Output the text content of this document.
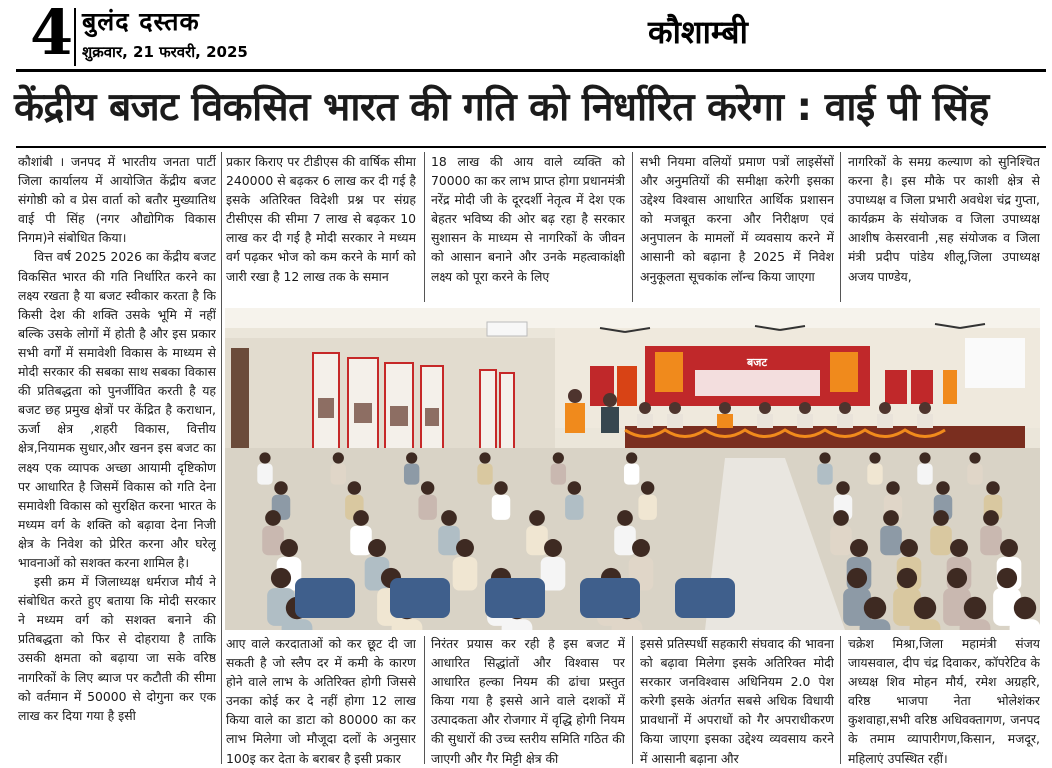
4 बुलंद दस्तक
शुक्रवार, 21 फरवरी, 2025
कौशाम्बी
केंद्रीय बजट विकसित भारत की गति को निर्धारित करेगा : वाई पी सिंह

कौशांबी । जनपद में भारतीय जनता पार्टी जिला कार्यालय में आयोजित केंद्रीय बजट संगोष्ठी को व प्रेस वार्ता को बतौर मुख्यातिथ वाई पी सिंह (नगर औद्योगिक विकास निगम)ने संबोधित किया।

वित्त वर्ष 2025 2026 का केंद्रीय बजट विकसित भारत की गति निर्धारित करने का लक्ष्य रखता है या बजट स्वीकार करता है कि किसी देश की शक्ति उसके भूमि में नहीं बल्कि उसके लोगों में होती है और इस प्रकार सभी वर्गों में समावेशी विकास के माध्यम से मोदी सरकार की सबका साथ सबका विकास की प्रतिबद्धता को पुनर्जीवित करती है यह बजट छह प्रमुख क्षेत्रों पर केंद्रित है कराधान, ऊर्जा क्षेत्र ,शहरी विकास, वित्तीय क्षेत्र,नियामक सुधार,और खनन इस बजट का लक्ष्य एक व्यापक अच्छा आयामी दृष्टिकोण पर आधारित है जिसमें विकास को गति देना समावेशी विकास को सुरक्षित करना भारत के मध्यम वर्ग के शक्ति को बढ़ावा देना निजी क्षेत्र के निवेश को प्रेरित करना और घरेलू भावनाओं को सशक्त करना शामिल है।

इसी क्रम में जिलाध्यक्ष धर्मराज मौर्य ने संबोधित करते हुए बताया कि मोदी सरकार ने मध्यम वर्ग को सशक्त बनाने की प्रतिबद्धता को फिर से दोहराया है ताकि उसकी क्षमता को बढ़ाया जा सके वरिष्ठ नागरिकों के लिए ब्याज पर कटौती की सीमा को वर्तमान में 50000 से दोगुना कर एक लाख कर दिया गया है इसी

प्रकार किराए पर टीडीएस की वार्षिक सीमा 240000 से बढ़कर 6 लाख कर दी गई है इसके अतिरिक्त विदेशी प्रश्न पर संग्रह टीसीएस की सीमा 7 लाख से बढ़कर 10 लाख कर दी गई है मोदी सरकार ने मध्यम वर्ग पढ़कर भोज को कम करने के मार्ग को जारी रखा है 12 लाख तक के समान

18 लाख की आय वाले व्यक्ति को 70000 का कर लाभ प्राप्त होगा प्रधानमंत्री नरेंद्र मोदी जी के दूरदर्शी नेतृत्व में देश एक बेहतर भविष्य की ओर बढ़ रहा है सरकार सुशासन के माध्यम से नागरिकों के जीवन को आसान बनाने और उनके महत्वाकांक्षी लक्ष्य को पूरा करने के लिए

सभी नियमा वलियों प्रमाण पत्रों लाइसेंसों और अनुमतियों की समीक्षा करेगी इसका उद्देश्य विश्वास आधारित आर्थिक प्रशासन को मजबूत करना और निरीक्षण एवं अनुपालन के मामलों में व्यवसाय करने में आसानी को बढ़ाना है 2025 में निवेश अनुकूलता सूचकांक लॉन्च किया जाएगा

नागरिकों के समग्र कल्याण को सुनिश्चित करना है। इस मौके पर काशी क्षेत्र से उपाध्यक्ष व जिला प्रभारी अवधेश चंद्र गुप्ता, कार्यक्रम के संयोजक व जिला उपाध्यक्ष आशीष केसरवानी ,सह संयोजक व जिला मंत्री प्रदीप पांडेय शीलू,जिला उपाध्यक्ष अजय पाण्डेय,

बजट

आए वाले करदाताओं को कर छूट दी जा सकती है जो स्लैप दर में कमी के कारण होने वाले लाभ के अतिरिक्त होगी जिससे उनका कोई कर दे नहीं होगा 12 लाख किया वाले का डाटा को 80000 का कर लाभ मिलेगा जो मौजूदा दलों के अनुसार 100इ कर देता के बराबर है इसी प्रकार

निरंतर प्रयास कर रही है इस बजट में आधारित सिद्धांतों और विश्वास पर आधारित हल्का नियम की ढांचा प्रस्तुत किया गया है इससे आने वाले दशकों में उत्पादकता और रोजगार में वृद्धि होगी नियम की सुधारों की उच्च स्तरीय समिति गठित की जाएगी और गैर मिट्टी क्षेत्र की

इससे प्रतिस्पर्धी सहकारी संघवाद की भावना को बढ़ावा मिलेगा इसके अतिरिक्त मोदी सरकार जनविश्वास अधिनियम 2.0 पेश करेगी इसके अंतर्गत सबसे अधिक विधायी प्रावधानों में अपराधों को गैर अपराधीकरण किया जाएगा इसका उद्देश्य व्यवसाय करने में आसानी बढ़ाना और

चक्रेश मिश्रा,जिला महामंत्री संजय जायसवाल, दीप चंद्र दिवाकर, कॉपरेटिव के अध्यक्ष शिव मोहन मौर्य, रमेश अग्रहरि, वरिष्ठ भाजपा नेता भोलेशंकर कुशवाहा,सभी वरिष्ठ अधिवक्तागण, जनपद के तमाम व्यापारीगण,किसान, मजदूर, महिलाएं उपस्थित रहीं।
